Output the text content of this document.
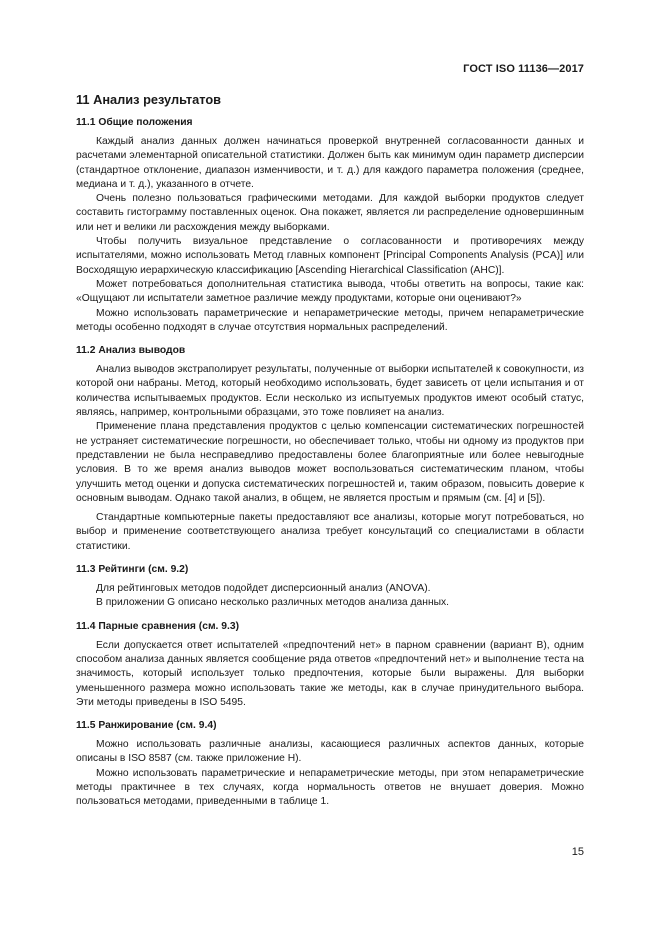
ГОСТ ISO 11136—2017
11 Анализ результатов
11.1 Общие положения

Каждый анализ данных должен начинаться проверкой внутренней согласованности данных и расчетами элементарной описательной статистики. Должен быть как минимум один параметр дисперсии (стандартное отклонение, диапазон изменчивости, и т. д.) для каждого параметра положения (среднее, медиана и т. д.), указанного в отчете.

Очень полезно пользоваться графическими методами. Для каждой выборки продуктов следует составить гистограмму поставленных оценок. Она покажет, является ли распределение одновершинным или нет и велики ли расхождения между выборками.

Чтобы получить визуальное представление о согласованности и противоречиях между испытателями, можно использовать Метод главных компонент [Principal Components Analysis (PCA)] или Восходящую иерархическую классификацию [Ascending Hierarchical Classification (AHC)].

Может потребоваться дополнительная статистика вывода, чтобы ответить на вопросы, такие как: «Ощущают ли испытатели заметное различие между продуктами, которые они оценивают?»

Можно использовать параметрические и непараметрические методы, причем непараметрические методы особенно подходят в случае отсутствия нормальных распределений.

11.2 Анализ выводов

Анализ выводов экстраполирует результаты, полученные от выборки испытателей к совокупности, из которой они набраны. Метод, который необходимо использовать, будет зависеть от цели испытания и от количества испытываемых продуктов. Если несколько из испытуемых продуктов имеют особый статус, являясь, например, контрольными образцами, это тоже повлияет на анализ.

Применение плана представления продуктов с целью компенсации систематических погрешностей не устраняет систематические погрешности, но обеспечивает только, чтобы ни одному из продуктов при представлении не была несправедливо предоставлены более благоприятные или более невыгодные условия. В то же время анализ выводов может воспользоваться систематическим планом, чтобы улучшить метод оценки и допуска систематических погрешностей и, таким образом, повысить доверие к основным выводам. Однако такой анализ, в общем, не является простым и прямым (см. [4] и [5]).

Стандартные компьютерные пакеты предоставляют все анализы, которые могут потребоваться, но выбор и применение соответствующего анализа требует консультаций со специалистами в области статистики.

11.3 Рейтинги (см. 9.2)

Для рейтинговых методов подойдет дисперсионный анализ (ANOVA).

В приложении G описано несколько различных методов анализа данных.

11.4 Парные сравнения (см. 9.3)

Если допускается ответ испытателей «предпочтений нет» в парном сравнении (вариант B), одним способом анализа данных является сообщение ряда ответов «предпочтений нет» и выполнение теста на значимость, который использует только предпочтения, которые были выражены. Для выборки уменьшенного размера можно использовать такие же методы, как в случае принудительного выбора. Эти методы приведены в ISO 5495.

11.5 Ранжирование (см. 9.4)

Можно использовать различные анализы, касающиеся различных аспектов данных, которые описаны в ISO 8587 (см. также приложение H).

Можно использовать параметрические и непараметрические методы, при этом непараметрические методы практичнее в тех случаях, когда нормальность ответов не внушает доверия. Можно пользоваться методами, приведенными в таблице 1.

15
